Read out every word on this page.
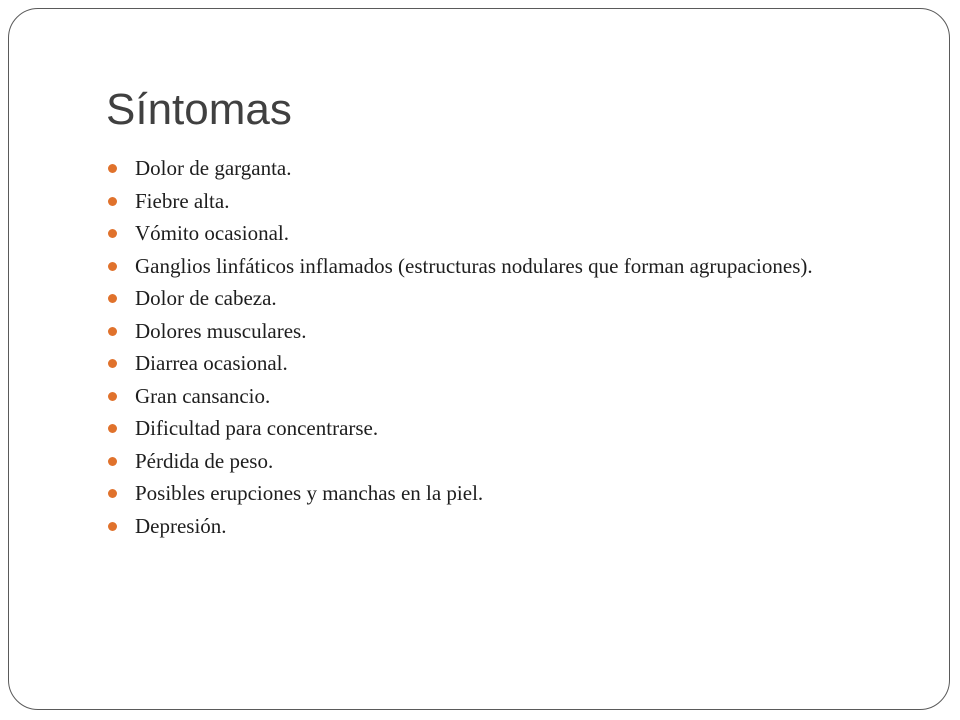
Síntomas
Dolor de garganta.
Fiebre alta.
Vómito ocasional.
Ganglios linfáticos inflamados (estructuras nodulares que forman agrupaciones).
Dolor de cabeza.
Dolores musculares.
Diarrea ocasional.
Gran cansancio.
Dificultad para concentrarse.
Pérdida de peso.
Posibles erupciones y manchas en la piel.
Depresión.
